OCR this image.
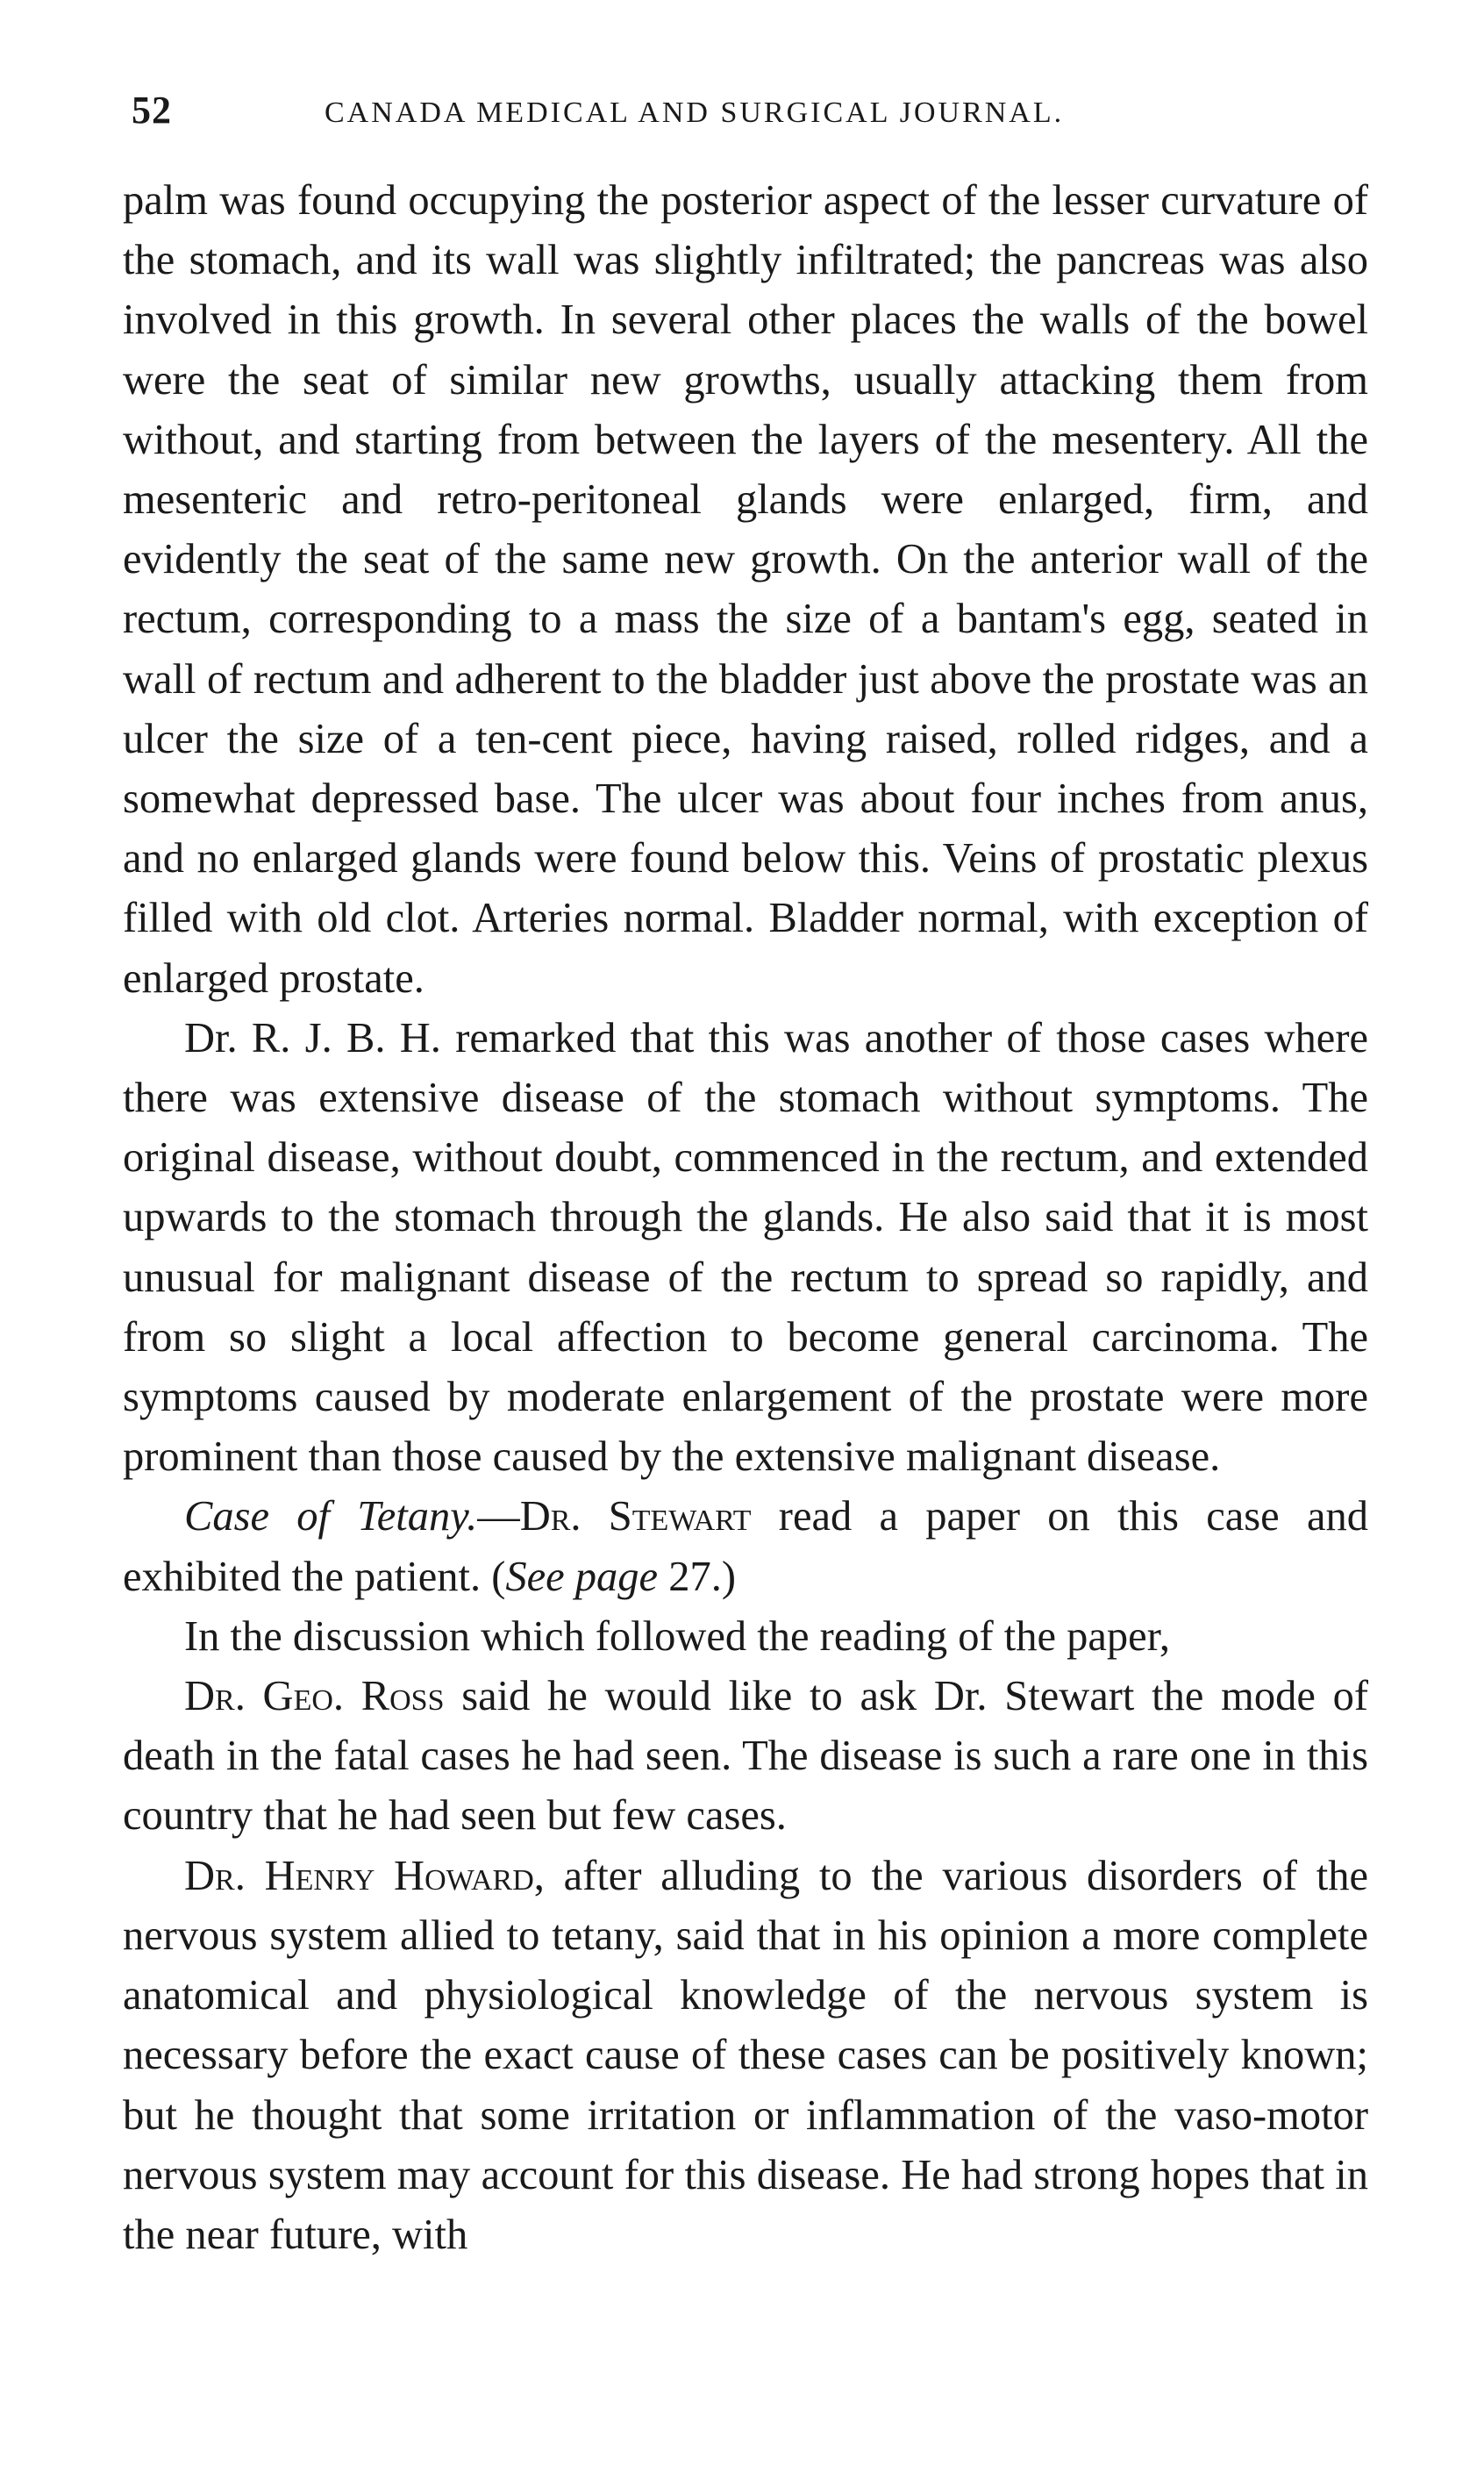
52	CANADA MEDICAL AND SURGICAL JOURNAL.

palm was found occupying the posterior aspect of the lesser curvature of the stomach, and its wall was slightly infiltrated; the pancreas was also involved in this growth. In several other places the walls of the bowel were the seat of similar new growths, usually attacking them from without, and starting from between the layers of the mesentery. All the mesenteric and retro-peritoneal glands were enlarged, firm, and evidently the seat of the same new growth. On the anterior wall of the rectum, corresponding to a mass the size of a bantam's egg, seated in wall of rectum and adherent to the bladder just above the prostate was an ulcer the size of a ten-cent piece, having raised, rolled ridges, and a somewhat depressed base. The ulcer was about four inches from anus, and no enlarged glands were found below this. Veins of prostatic plexus filled with old clot. Arteries normal. Bladder normal, with exception of enlarged prostate.

Dr. R. J. B. H. remarked that this was another of those cases where there was extensive disease of the stomach without symptoms. The original disease, without doubt, commenced in the rectum, and extended upwards to the stomach through the glands. He also said that it is most unusual for malignant disease of the rectum to spread so rapidly, and from so slight a local affection to become general carcinoma. The symptoms caused by moderate enlargement of the prostate were more prominent than those caused by the extensive malignant disease.

Case of Tetany.—Dr. Stewart read a paper on this case and exhibited the patient. (See page 27.)

In the discussion which followed the reading of the paper,

Dr. Geo. Ross said he would like to ask Dr. Stewart the mode of death in the fatal cases he had seen. The disease is such a rare one in this country that he had seen but few cases.

Dr. Henry Howard, after alluding to the various disorders of the nervous system allied to tetany, said that in his opinion a more complete anatomical and physiological knowledge of the nervous system is necessary before the exact cause of these cases can be positively known; but he thought that some irritation or inflammation of the vaso-motor nervous system may account for this disease. He had strong hopes that in the near future, with
